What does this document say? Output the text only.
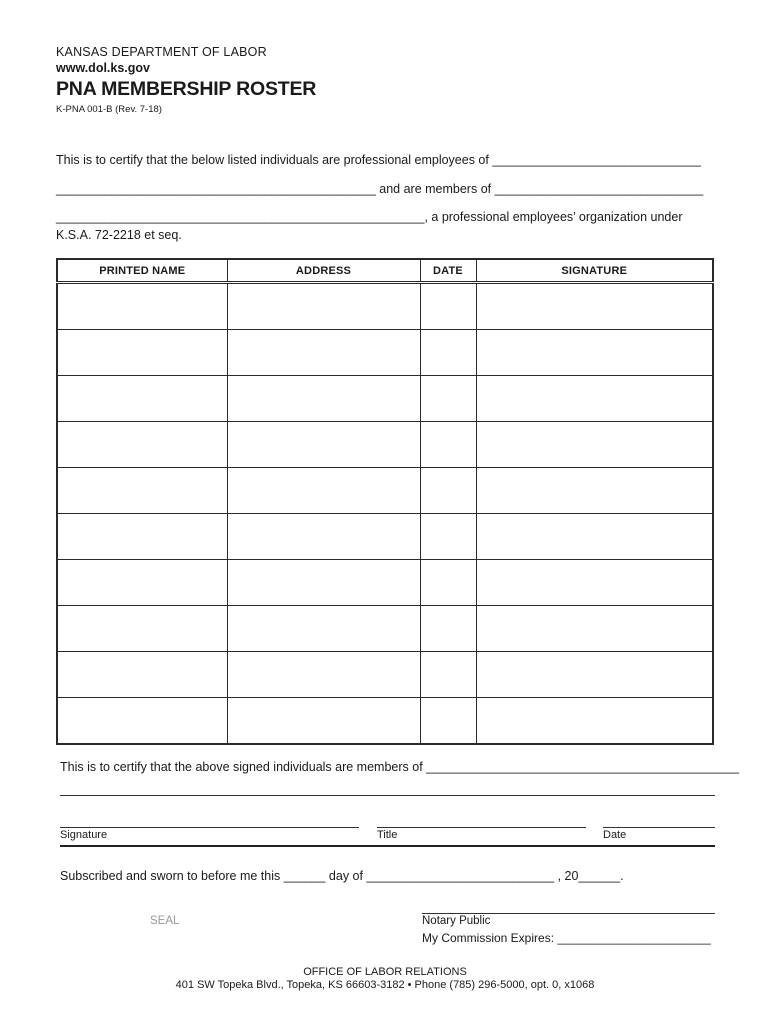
KANSAS DEPARTMENT OF LABOR
www.dol.ks.gov
PNA MEMBERSHIP ROSTER
K-PNA 001-B (Rev. 7-18)
This is to certify that the below listed individuals are professional employees of ______________________________
______________________________________________ and are members of ______________________________
_____________________________________________________, a professional employees’ organization under
K.S.A. 72-2218 et seq.
PRINTED NAME	ADDRESS	DATE	SIGNATURE

This is to certify that the above signed individuals are members of _____________________________________________
Signature	Title	Date
Subscribed and sworn to before me this ______ day of ___________________________ , 20______.
SEAL	Notary Public
My Commission Expires: _______________________
OFFICE OF LABOR RELATIONS
401 SW Topeka Blvd., Topeka, KS 66603-3182 • Phone (785) 296-5000, opt. 0, x1068
